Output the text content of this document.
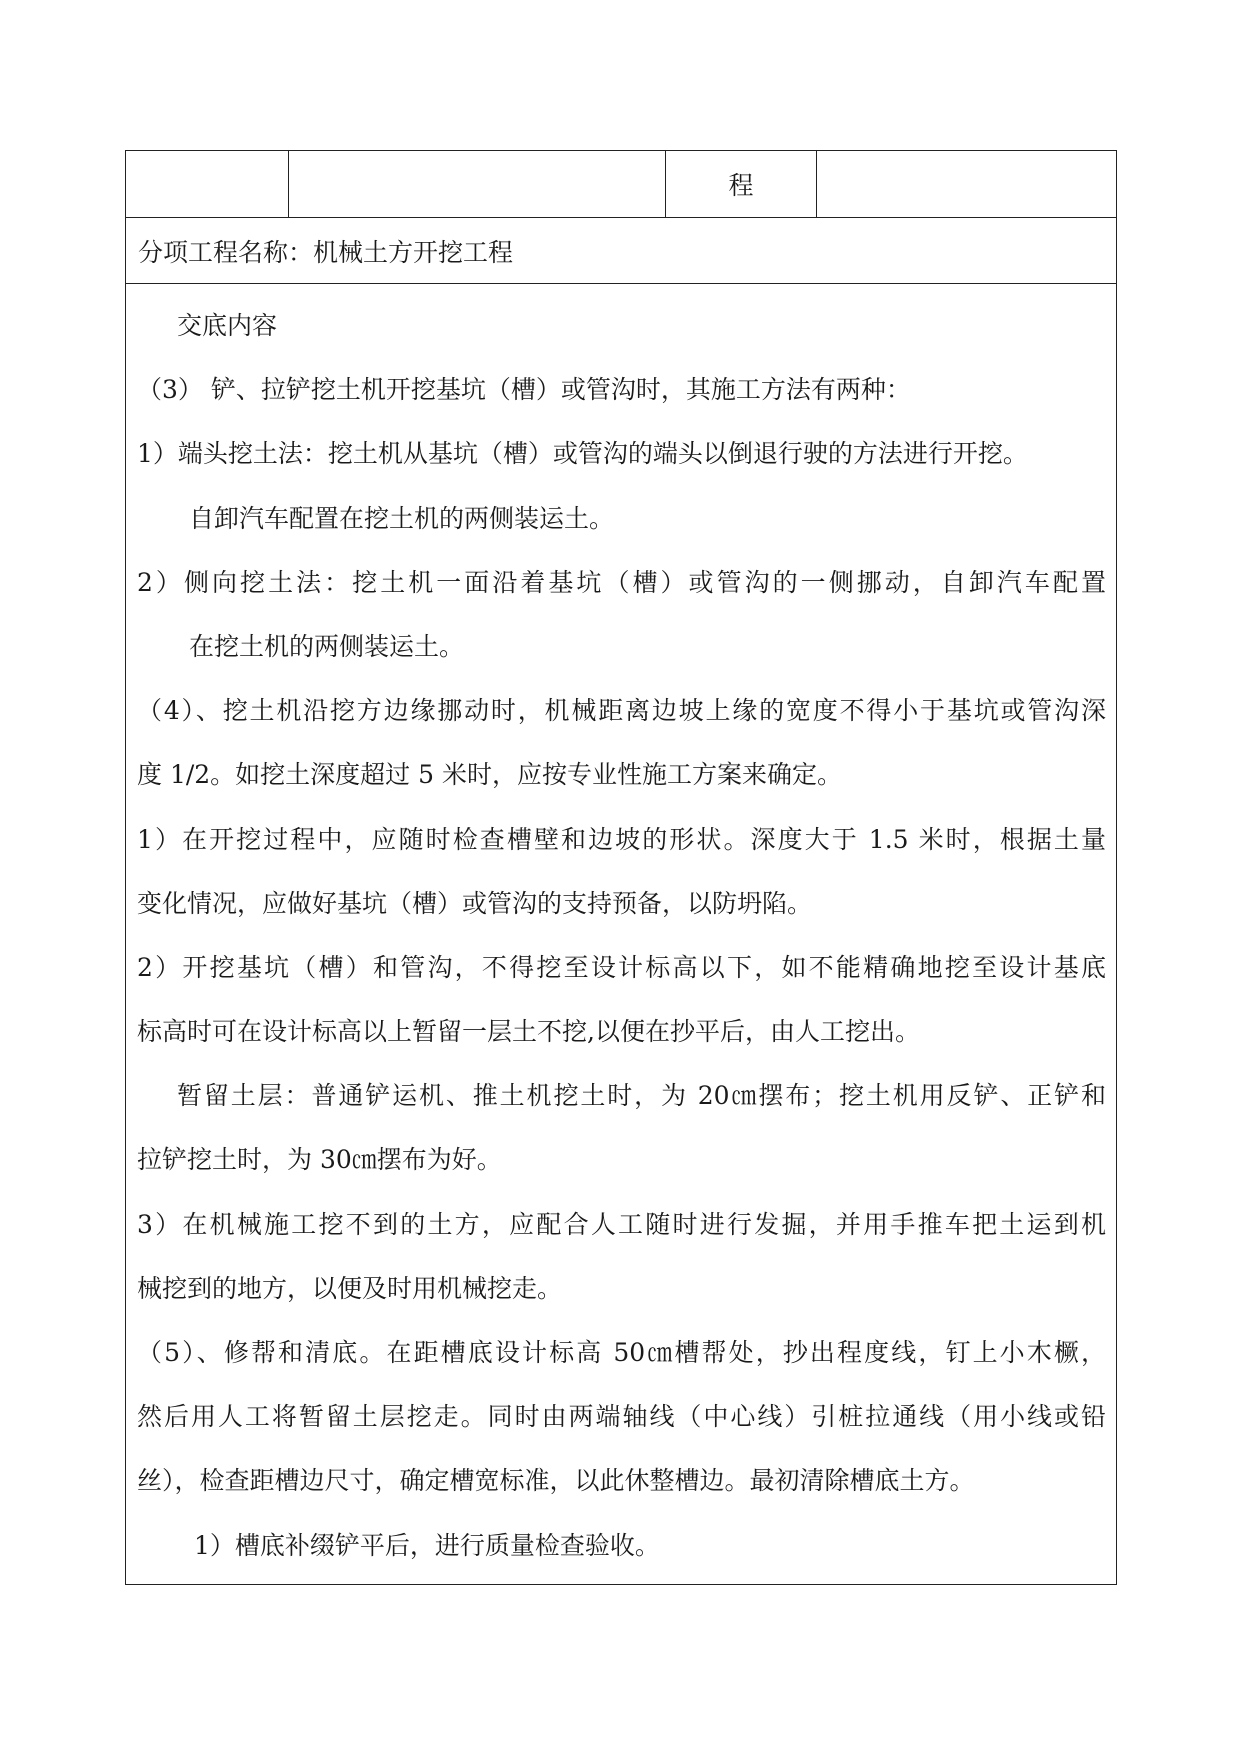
程
分项工程名称：机械土方开挖工程
交底内容
（3） 铲、拉铲挖土机开挖基坑（槽）或管沟时，其施工方法有两种：
1）端头挖土法：挖土机从基坑（槽）或管沟的端头以倒退行驶的方法进行开挖。
自卸汽车配置在挖土机的两侧装运土。
2）侧向挖土法：挖土机一面沿着基坑（槽）或管沟的一侧挪动，自卸汽车配置
在挖土机的两侧装运土。
（4）、挖土机沿挖方边缘挪动时，机械距离边坡上缘的宽度不得小于基坑或管沟深
度 1/2。如挖土深度超过 5 米时，应按专业性施工方案来确定。
1）在开挖过程中，应随时检查槽壁和边坡的形状。深度大于 1.5 米时，根据土量
变化情况，应做好基坑（槽）或管沟的支持预备，以防坍陷。
2）开挖基坑（槽）和管沟，不得挖至设计标高以下，如不能精确地挖至设计基底
标高时可在设计标高以上暂留一层土不挖,以便在抄平后，由人工挖出。
暂留土层：普通铲运机、推土机挖土时，为 20㎝摆布；挖土机用反铲、正铲和
拉铲挖土时，为 30㎝摆布为好。
3）在机械施工挖不到的土方，应配合人工随时进行发掘，并用手推车把土运到机
械挖到的地方，以便及时用机械挖走。
（5）、修帮和清底。在距槽底设计标高 50㎝槽帮处，抄出程度线，钉上小木橛，
然后用人工将暂留土层挖走。同时由两端轴线（中心线）引桩拉通线（用小线或铅
丝），检查距槽边尺寸，确定槽宽标准，以此休整槽边。最初清除槽底土方。
1）槽底补缀铲平后，进行质量检查验收。
